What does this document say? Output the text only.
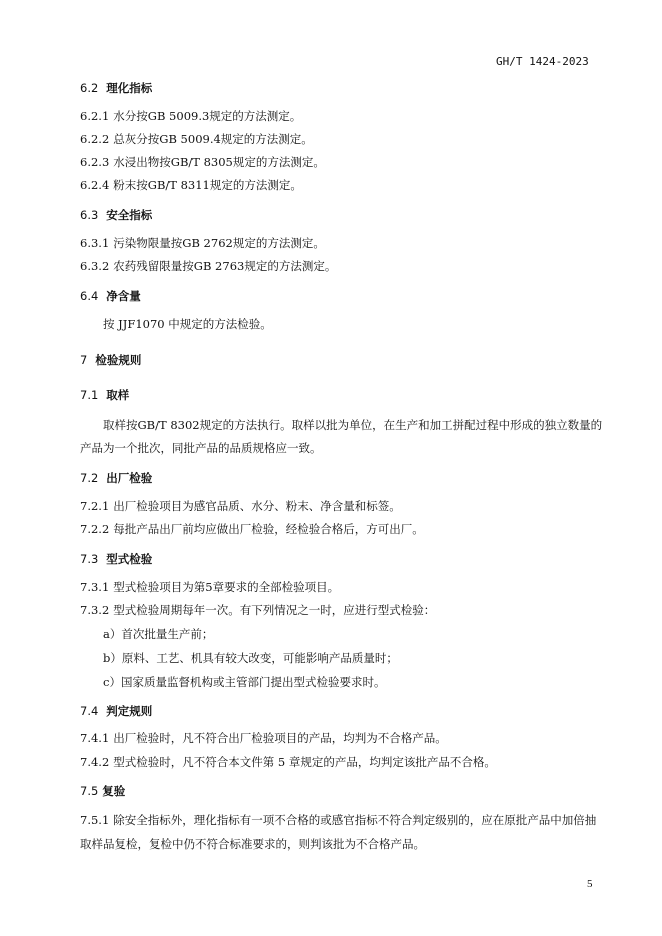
GH/T 1424-2023
6.2 理化指标
6.2.1 水分按GB 5009.3规定的方法测定。
6.2.2 总灰分按GB 5009.4规定的方法测定。
6.2.3 水浸出物按GB/T 8305规定的方法测定。
6.2.4 粉末按GB/T 8311规定的方法测定。
6.3 安全指标
6.3.1 污染物限量按GB 2762规定的方法测定。
6.3.2 农药残留限量按GB 2763规定的方法测定。
6.4 净含量
按 JJF1070 中规定的方法检验。
7 检验规则
7.1 取样
取样按GB/T 8302规定的方法执行。取样以批为单位，在生产和加工拼配过程中形成的独立数量的
产品为一个批次，同批产品的品质规格应一致。
7.2 出厂检验
7.2.1 出厂检验项目为感官品质、水分、粉末、净含量和标签。
7.2.2 每批产品出厂前均应做出厂检验，经检验合格后，方可出厂。
7.3 型式检验
7.3.1 型式检验项目为第5章要求的全部检验项目。
7.3.2 型式检验周期每年一次。有下列情况之一时，应进行型式检验：
a）首次批量生产前；
b）原料、工艺、机具有较大改变，可能影响产品质量时；
c）国家质量监督机构或主管部门提出型式检验要求时。
7.4 判定规则
7.4.1 出厂检验时，凡不符合出厂检验项目的产品，均判为不合格产品。
7.4.2 型式检验时，凡不符合本文件第 5 章规定的产品，均判定该批产品不合格。
7.5 复验
7.5.1 除安全指标外，理化指标有一项不合格的或感官指标不符合判定级别的，应在原批产品中加倍抽
取样品复检，复检中仍不符合标准要求的，则判该批为不合格产品。
5
